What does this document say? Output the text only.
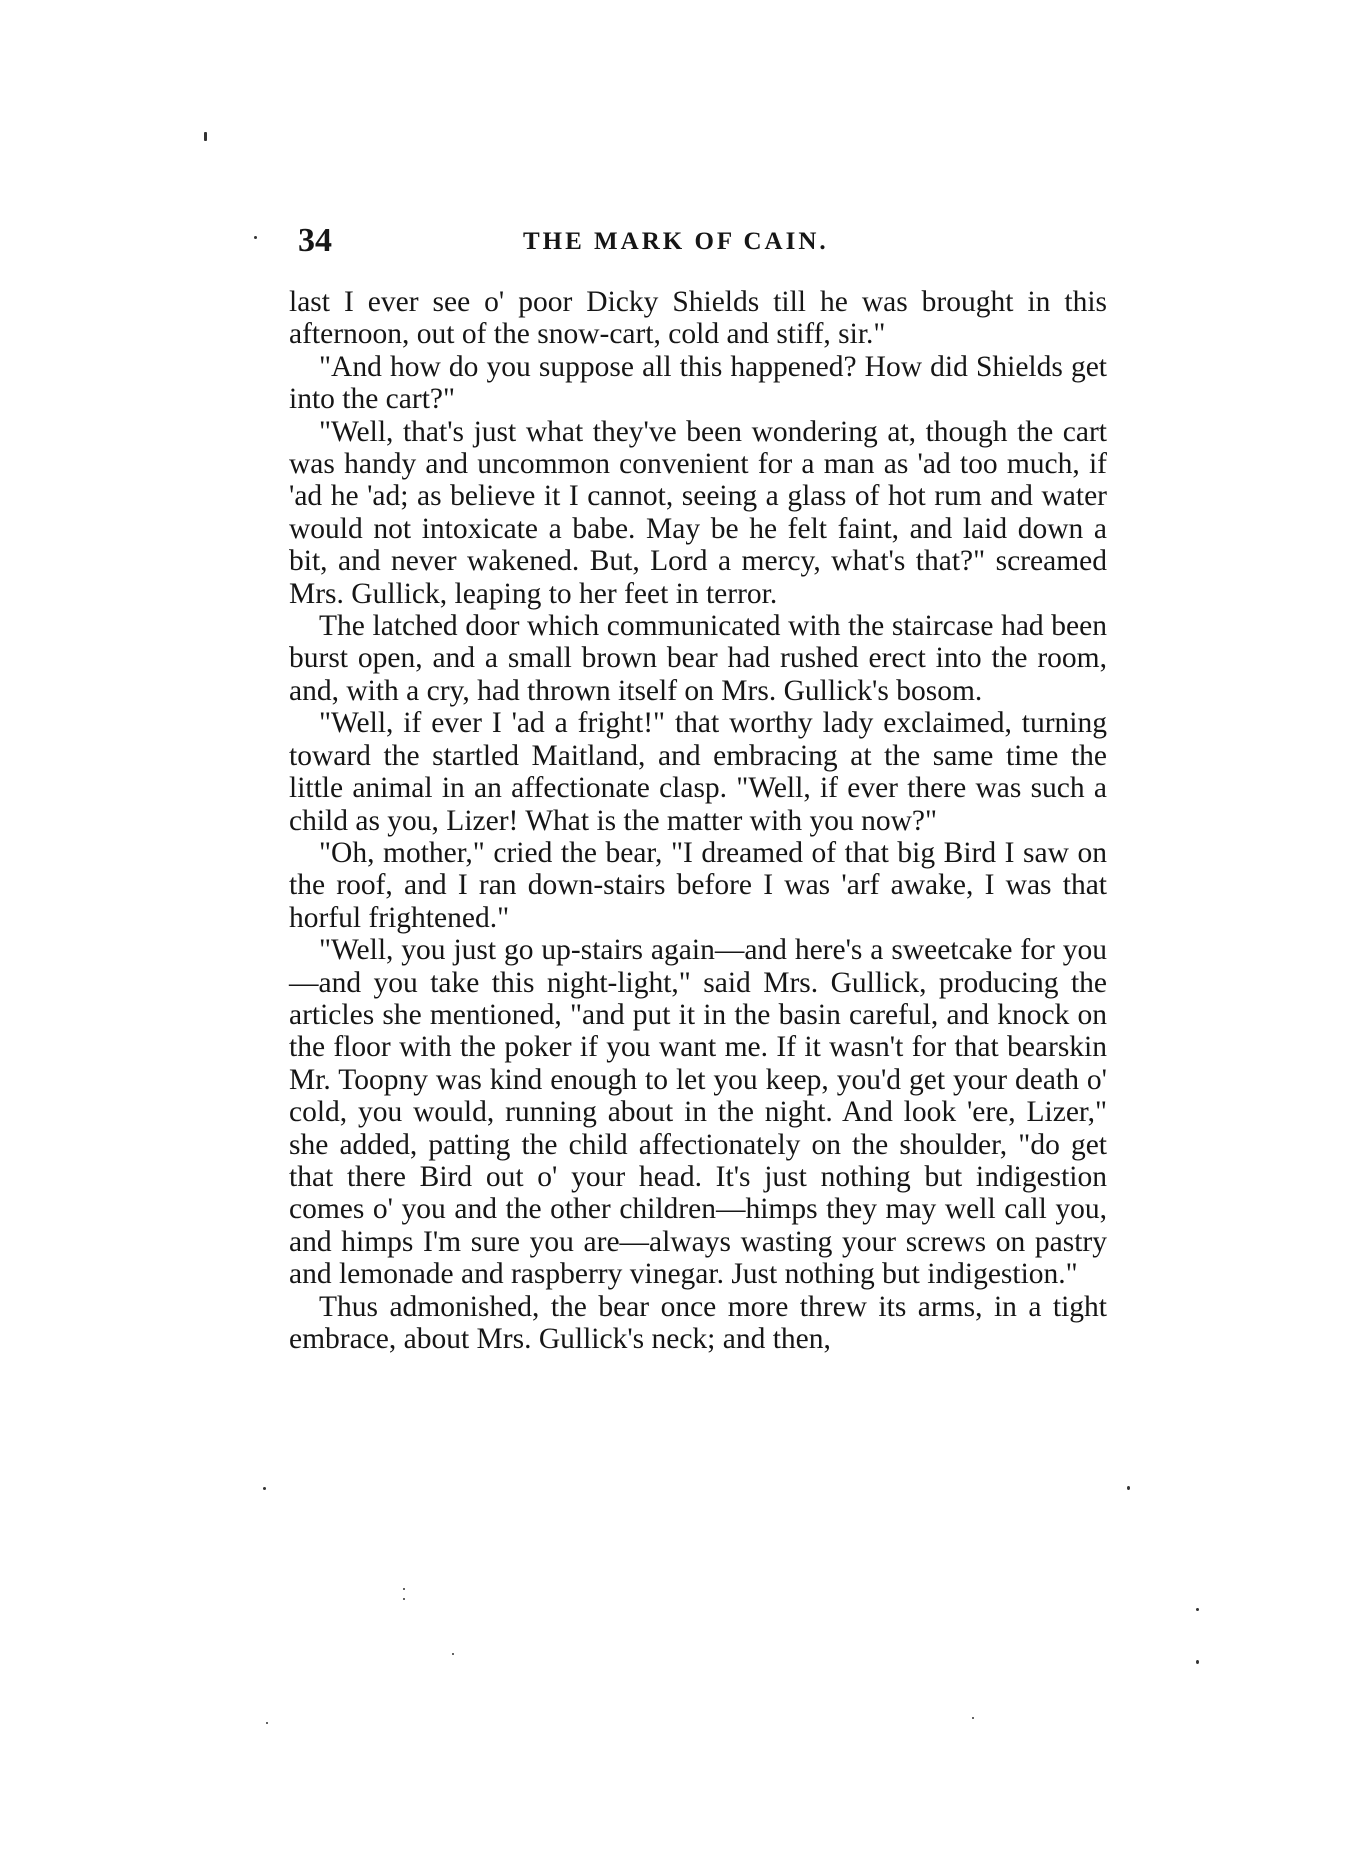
34	THE MARK OF CAIN.

last I ever see o' poor Dicky Shields till he was brought in this afternoon, out of the snow-cart, cold and stiff, sir."

"And how do you suppose all this happened? How did Shields get into the cart?"

"Well, that's just what they've been wondering at, though the cart was handy and uncommon convenient for a man as 'ad too much, if 'ad he 'ad; as believe it I cannot, seeing a glass of hot rum and water would not intoxicate a babe. May be he felt faint, and laid down a bit, and never wakened. But, Lord a mercy, what's that?" screamed Mrs. Gullick, leaping to her feet in terror.

The latched door which communicated with the staircase had been burst open, and a small brown bear had rushed erect into the room, and, with a cry, had thrown itself on Mrs. Gullick's bosom.

"Well, if ever I 'ad a fright!" that worthy lady exclaimed, turning toward the startled Maitland, and embracing at the same time the little animal in an affectionate clasp. "Well, if ever there was such a child as you, Lizer! What is the matter with you now?"

"Oh, mother," cried the bear, "I dreamed of that big Bird I saw on the roof, and I ran down-stairs before I was 'arf awake, I was that horful frightened."

"Well, you just go up-stairs again—and here's a sweetcake for you—and you take this night-light," said Mrs. Gullick, producing the articles she mentioned, "and put it in the basin careful, and knock on the floor with the poker if you want me. If it wasn't for that bearskin Mr. Toopny was kind enough to let you keep, you'd get your death o' cold, you would, running about in the night. And look 'ere, Lizer," she added, patting the child affectionately on the shoulder, "do get that there Bird out o' your head. It's just nothing but indigestion comes o' you and the other children—himps they may well call you, and himps I'm sure you are—always wasting your screws on pastry and lemonade and raspberry vinegar. Just nothing but indigestion."

Thus admonished, the bear once more threw its arms, in a tight embrace, about Mrs. Gullick's neck; and then,
